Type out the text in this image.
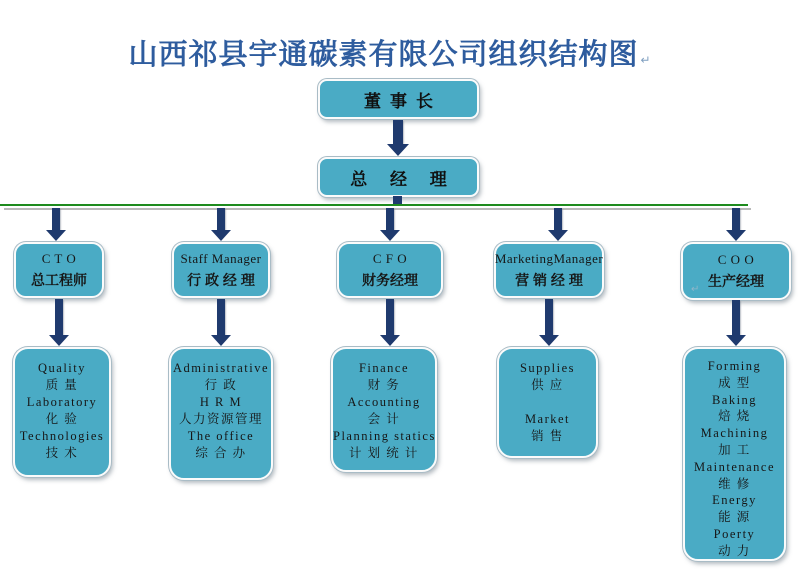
山西祁县宇通碳素有限公司组织结构图 ↵
董事长
总 经 理
C T O
总工程师
Staff Manager
行 政 经 理
C F O
财务经理
MarketingManager
营 销 经 理
C O O
生产经理
↵
Quality
质 量
Laboratory
化 验
Technologies
技 术
Administrative
行 政
H R M
人力资源管理
The office
综 合 办
Finance
财 务
Accounting
会 计
Planning statics
计 划 统 计
Supplies
供 应

Market
销 售
Forming
成 型
Baking
焙 烧
Machining
加 工
Maintenance
维 修
Energy
能 源
Poerty
动 力
